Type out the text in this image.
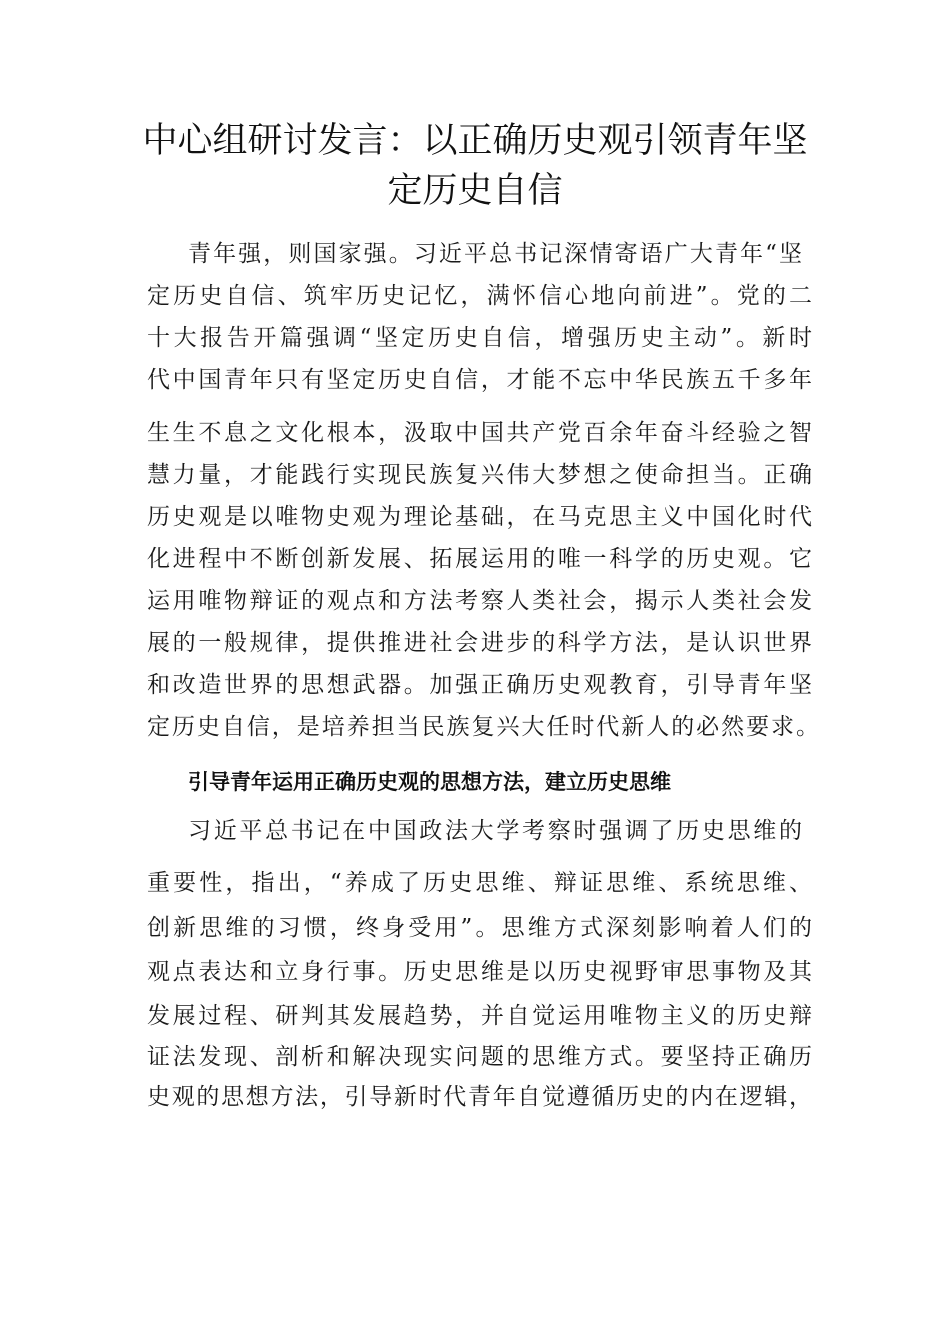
中心组研讨发言：以正确历史观引领青年坚
定历史自信
青年强，则国家强。习近平总书记深情寄语广大青年“坚
定历史自信、筑牢历史记忆，满怀信心地向前进”。党的二
十大报告开篇强调“坚定历史自信，增强历史主动”。新时
代中国青年只有坚定历史自信，才能不忘中华民族五千多年
生生不息之文化根本，汲取中国共产党百余年奋斗经验之智
慧力量，才能践行实现民族复兴伟大梦想之使命担当。正确
历史观是以唯物史观为理论基础，在马克思主义中国化时代
化进程中不断创新发展、拓展运用的唯一科学的历史观。它
运用唯物辩证的观点和方法考察人类社会，揭示人类社会发
展的一般规律，提供推进社会进步的科学方法，是认识世界
和改造世界的思想武器。加强正确历史观教育，引导青年坚
定历史自信，是培养担当民族复兴大任时代新人的必然要求。
引导青年运用正确历史观的思想方法，建立历史思维
习近平总书记在中国政法大学考察时强调了历史思维的
重要性，指出，“养成了历史思维、辩证思维、系统思维、
创新思维的习惯，终身受用”。思维方式深刻影响着人们的
观点表达和立身行事。历史思维是以历史视野审思事物及其
发展过程、研判其发展趋势，并自觉运用唯物主义的历史辩
证法发现、剖析和解决现实问题的思维方式。要坚持正确历
史观的思想方法，引导新时代青年自觉遵循历史的内在逻辑，
